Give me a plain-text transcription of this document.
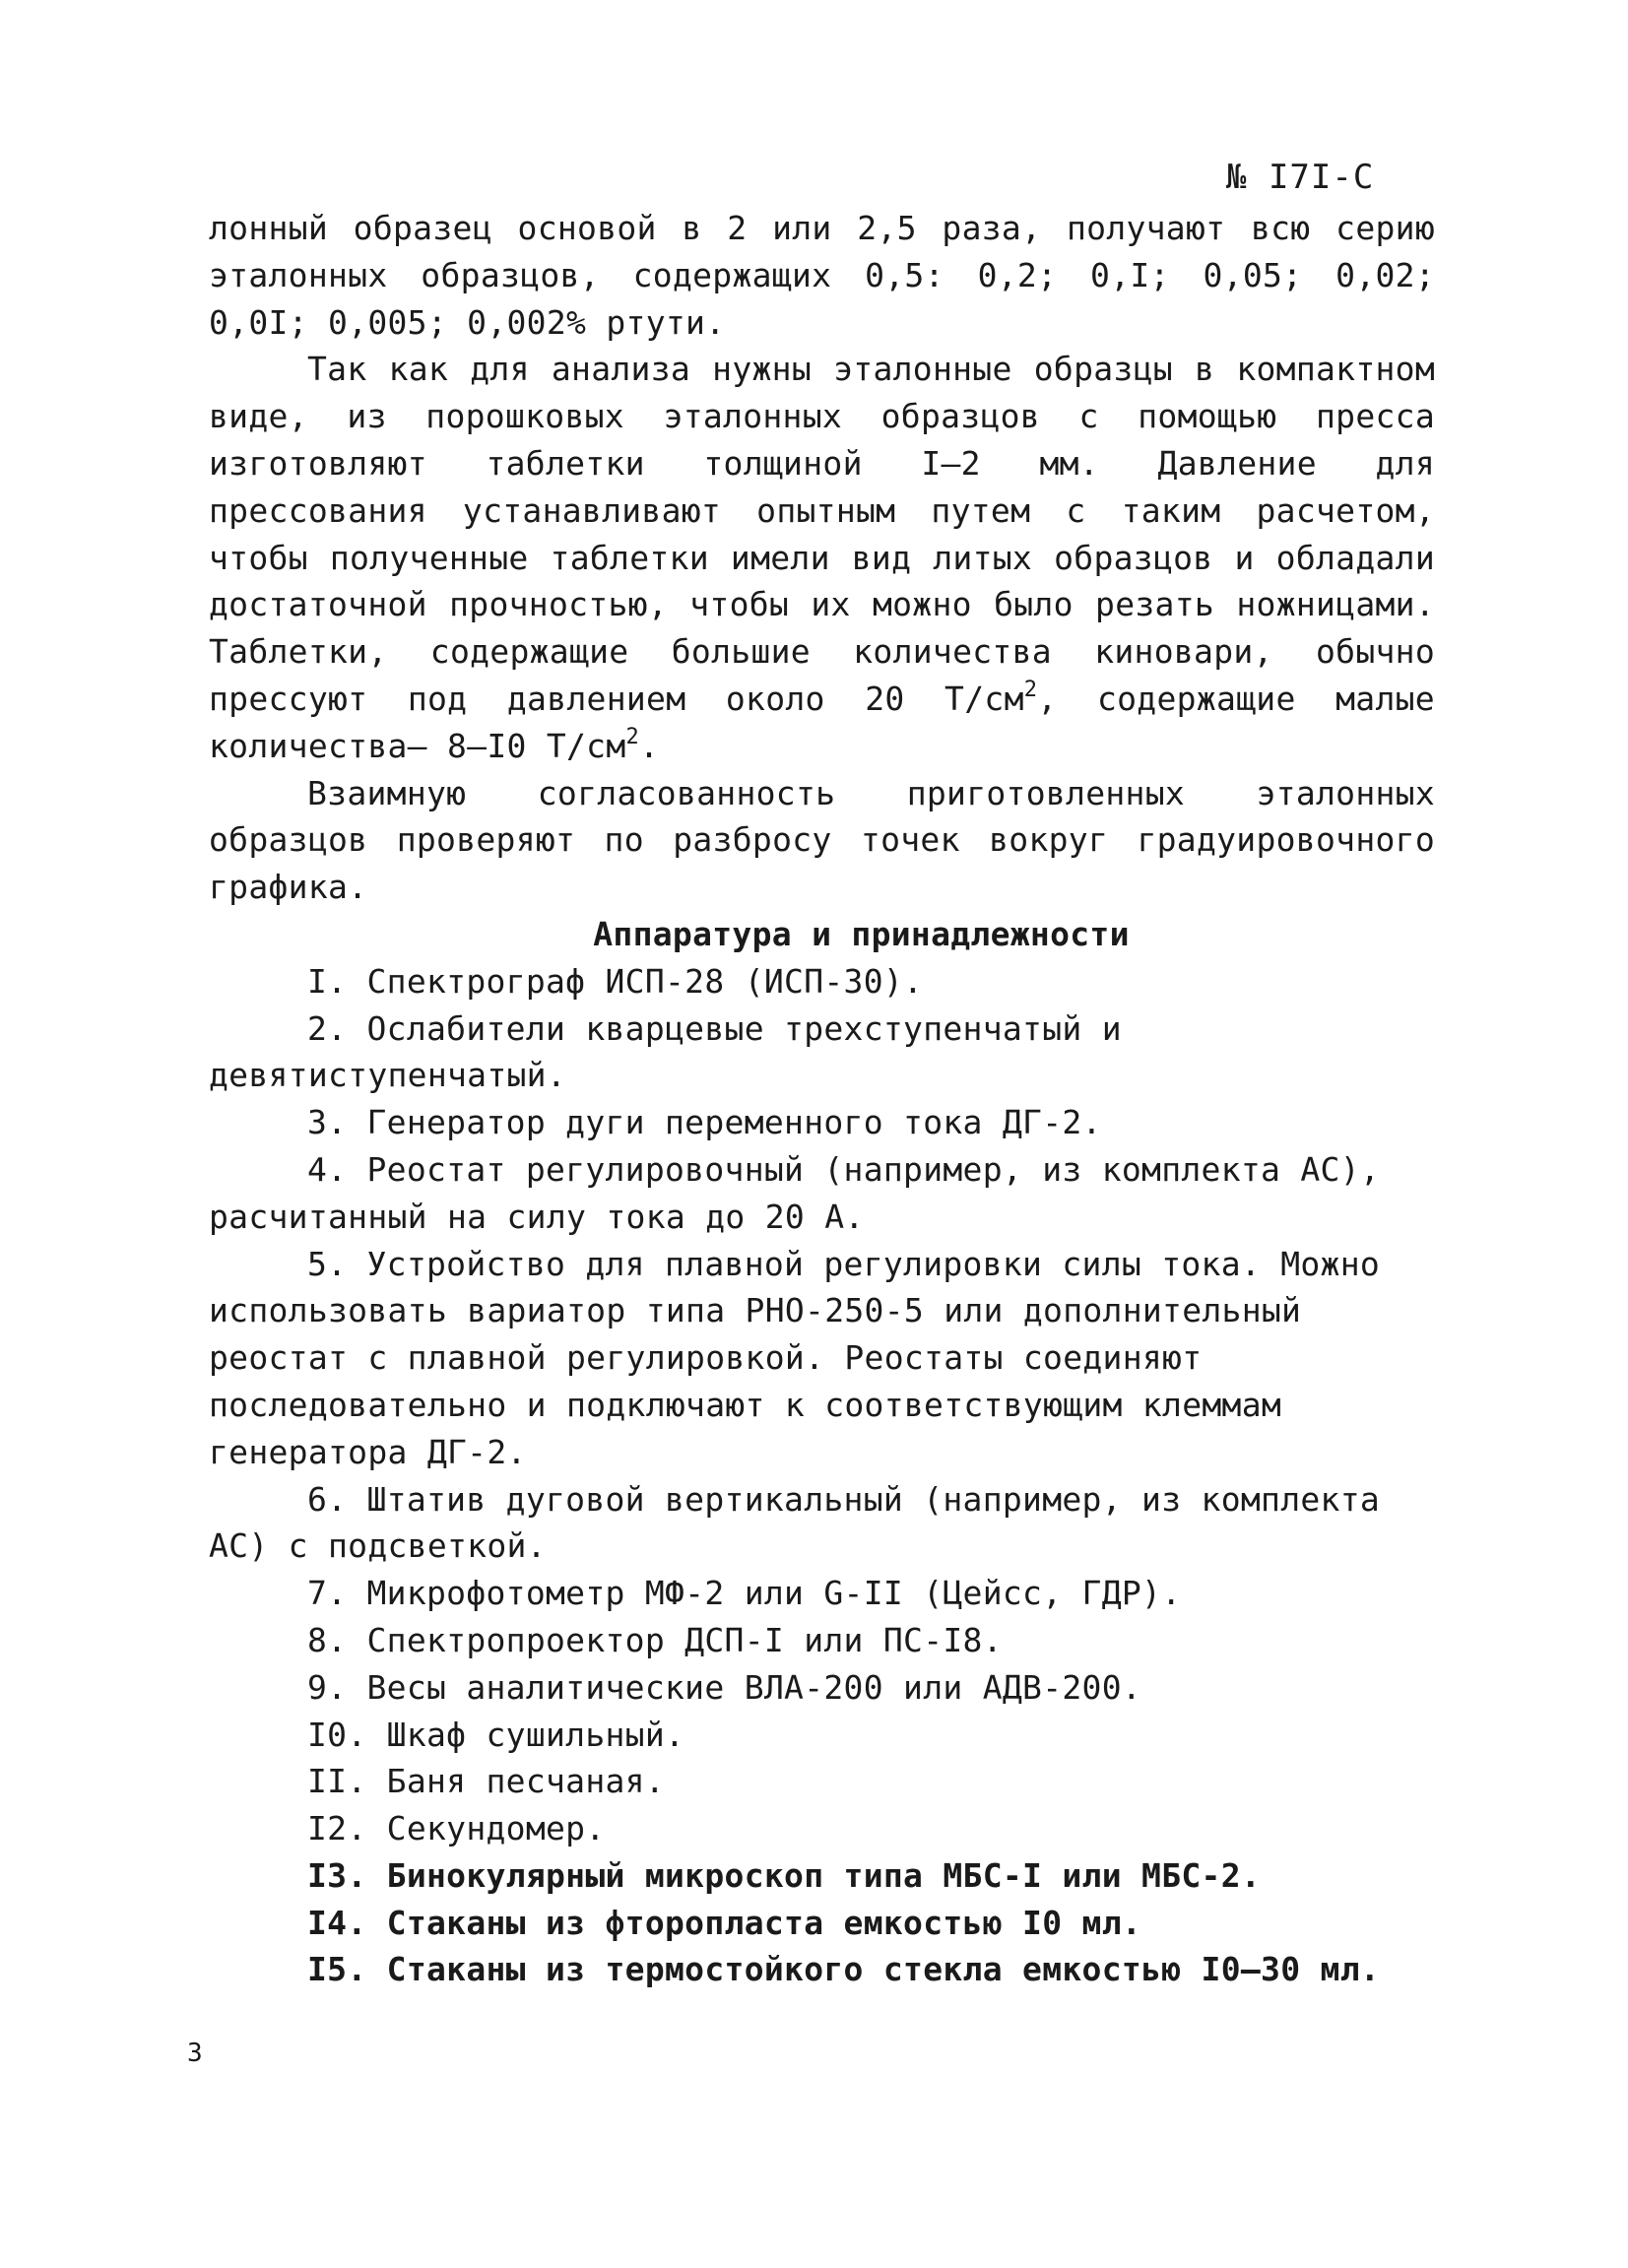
№ I7I-С

лонный образец основой в 2 или 2,5 раза, получают всю серию эталонных образцов, содержащих 0,5: 0,2; 0,I; 0,05; 0,02; 0,0I; 0,005; 0,002% ртути.

Так как для анализа нужны эталонные образцы в компактном виде, из порошковых эталонных образцов с помощью пресса изготовляют таблетки толщиной I–2 мм. Давление для прессования устанавливают опытным путем с таким расчетом, чтобы полученные таблетки имели вид литых образцов и обладали достаточной прочностью, чтобы их можно было резать ножницами. Таблетки, содержащие большие количества киновари, обычно прессуют под давлением около 20 $Т/см^2$, содержащие малые количества– 8–I0 $Т/см^2$.

Взаимную согласованность приготовленных эталонных образцов проверяют по разбросу точек вокруг градуировочного графика.

Аппаратура и принадлежности

I. Спектрограф ИСП-28 (ИСП-30).

2. Ослабители кварцевые трехступенчатый и девятиступенчатый.

3. Генератор дуги переменного тока ДГ-2.

4. Реостат регулировочный (например, из комплекта АС), расчитанный на силу тока до 20 А.

5. Устройство для плавной регулировки силы тока. Можно использовать вариатор типа РНО-250-5 или дополнительный реостат с плавной регулировкой. Реостаты соединяют последовательно и подключают к соответствующим клеммам генератора ДГ-2.

6. Штатив дуговой вертикальный (например, из комплекта АС) с подсветкой.

7. Микрофотометр МФ-2 или G-II (Цейсс, ГДР).

8. Спектропроектор ДСП-I или ПС-I8.

9. Весы аналитические ВЛА-200 или АДВ-200.

I0. Шкаф сушильный.

II. Баня песчаная.

I2. Секундомер.

I3. Бинокулярный микроскоп типа МБС-I или МБС-2.

I4. Стаканы из фторопласта емкостью I0 мл.

I5. Стаканы из термостойкого стекла емкостью I0–30 мл.

3
